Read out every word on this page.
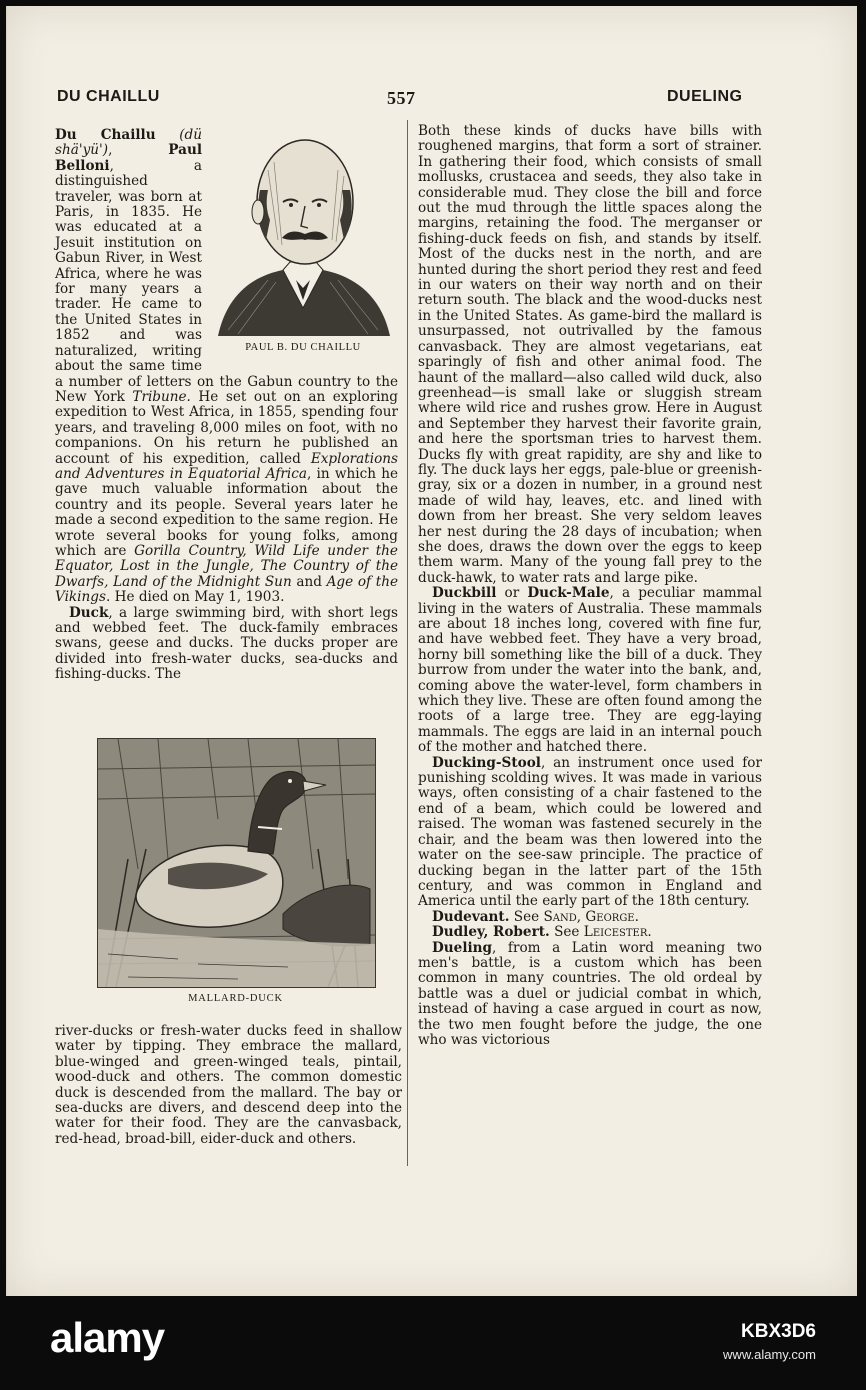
DU CHAILLU	557	DUELING
PAUL B. DU CHAILLU

Du Chaillu (dü shä'yü'), Paul Belloni, a distinguished traveler, was born at Paris, in 1835. He was educated at a Jesuit institution on Gabun River, in West Africa, where he was for many years a trader. He came to the United States in 1852 and was naturalized, writing about the same time a number of letters on the Gabun country to the New York Tribune. He set out on an exploring expedition to West Africa, in 1855, spending four years, and traveling 8,000 miles on foot, with no companions. On his return he published an account of his expedition, called Explorations and Adventures in Equatorial Africa, in which he gave much valuable information about the country and its people. Several years later he made a second expedition to the same region. He wrote several books for young folks, among which are Gorilla Country, Wild Life under the Equator, Lost in the Jungle, The Country of the Dwarfs, Land of the Midnight Sun and Age of the Vikings. He died on May 1, 1903.

Duck, a large swimming bird, with short legs and webbed feet. The duck-family embraces swans, geese and ducks. The ducks proper are divided into fresh-water ducks, sea-ducks and fishing-ducks. The

MALLARD-DUCK

river-ducks or fresh-water ducks feed in shallow water by tipping. They embrace the mallard, blue-winged and green-winged teals, pintail, wood-duck and others. The common domestic duck is descended from the mallard. The bay or sea-ducks are divers, and descend deep into the water for their food. They are the canvasback, red-head, broad-bill, eider-duck and others.

Both these kinds of ducks have bills with roughened margins, that form a sort of strainer. In gathering their food, which consists of small mollusks, crustacea and seeds, they also take in considerable mud. They close the bill and force out the mud through the little spaces along the margins, retaining the food. The merganser or fishing-duck feeds on fish, and stands by itself. Most of the ducks nest in the north, and are hunted during the short period they rest and feed in our waters on their way north and on their return south. The black and the wood-ducks nest in the United States. As game-bird the mallard is unsurpassed, not outrivalled by the famous canvasback. They are almost vegetarians, eat sparingly of fish and other animal food. The haunt of the mallard—also called wild duck, also greenhead—is small lake or sluggish stream where wild rice and rushes grow. Here in August and September they harvest their favorite grain, and here the sportsman tries to harvest them. Ducks fly with great rapidity, are shy and like to fly. The duck lays her eggs, pale-blue or greenish-gray, six or a dozen in number, in a ground nest made of wild hay, leaves, etc. and lined with down from her breast. She very seldom leaves her nest during the 28 days of incubation; when she does, draws the down over the eggs to keep them warm. Many of the young fall prey to the duck-hawk, to water rats and large pike.

Duckbill or Duck-Male, a peculiar mammal living in the waters of Australia. These mammals are about 18 inches long, covered with fine fur, and have webbed feet. They have a very broad, horny bill something like the bill of a duck. They burrow from under the water into the bank, and, coming above the water-level, form chambers in which they live. These are often found among the roots of a large tree. They are egg-laying mammals. The eggs are laid in an internal pouch of the mother and hatched there.

Ducking-Stool, an instrument once used for punishing scolding wives. It was made in various ways, often consisting of a chair fastened to the end of a beam, which could be lowered and raised. The woman was fastened securely in the chair, and the beam was then lowered into the water on the see-saw principle. The practice of ducking began in the latter part of the 15th century, and was common in England and America until the early part of the 18th century.

Dudevant. See Sand, George.

Dudley, Robert. See Leicester.

Dueling, from a Latin word meaning two men's battle, is a custom which has been common in many countries. The old ordeal by battle was a duel or judicial combat in which, instead of having a case argued in court as now, the two men fought before the judge, the one who was victorious

alamy	KBX3D6
www.alamy.com
